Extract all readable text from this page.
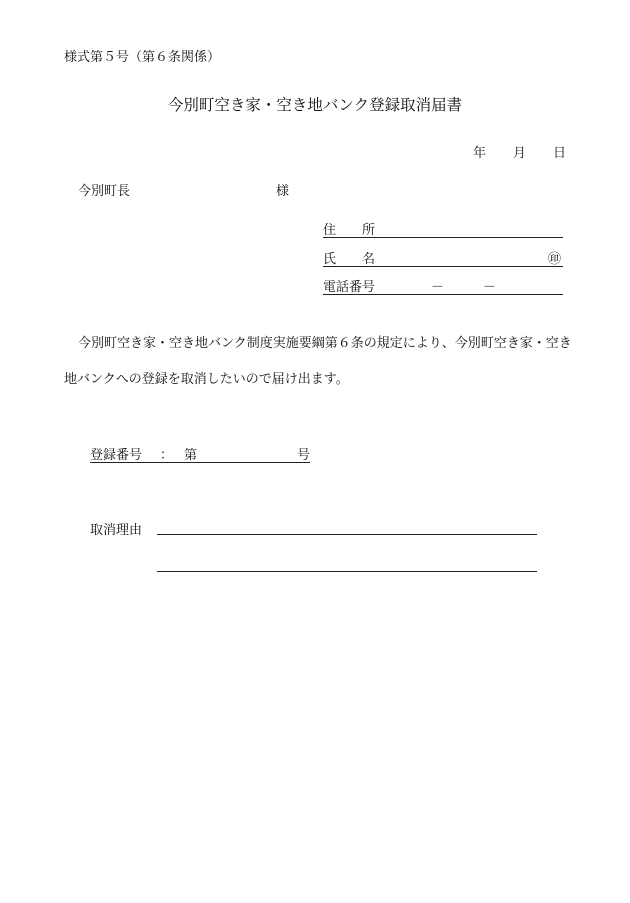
様式第５号（第６条関係）
今別町空き家・空き地バンク登録取消届書
年 月 日
今別町長	様
住　　所
氏　　名	㊞
電話番号	－	－
今別町空き家・空き地バンク制度実施要綱第６条の規定により、今別町空き家・空き地バンクへの登録を取消したいので届け出ます。
登録番号 ： 第	号
取消理由
